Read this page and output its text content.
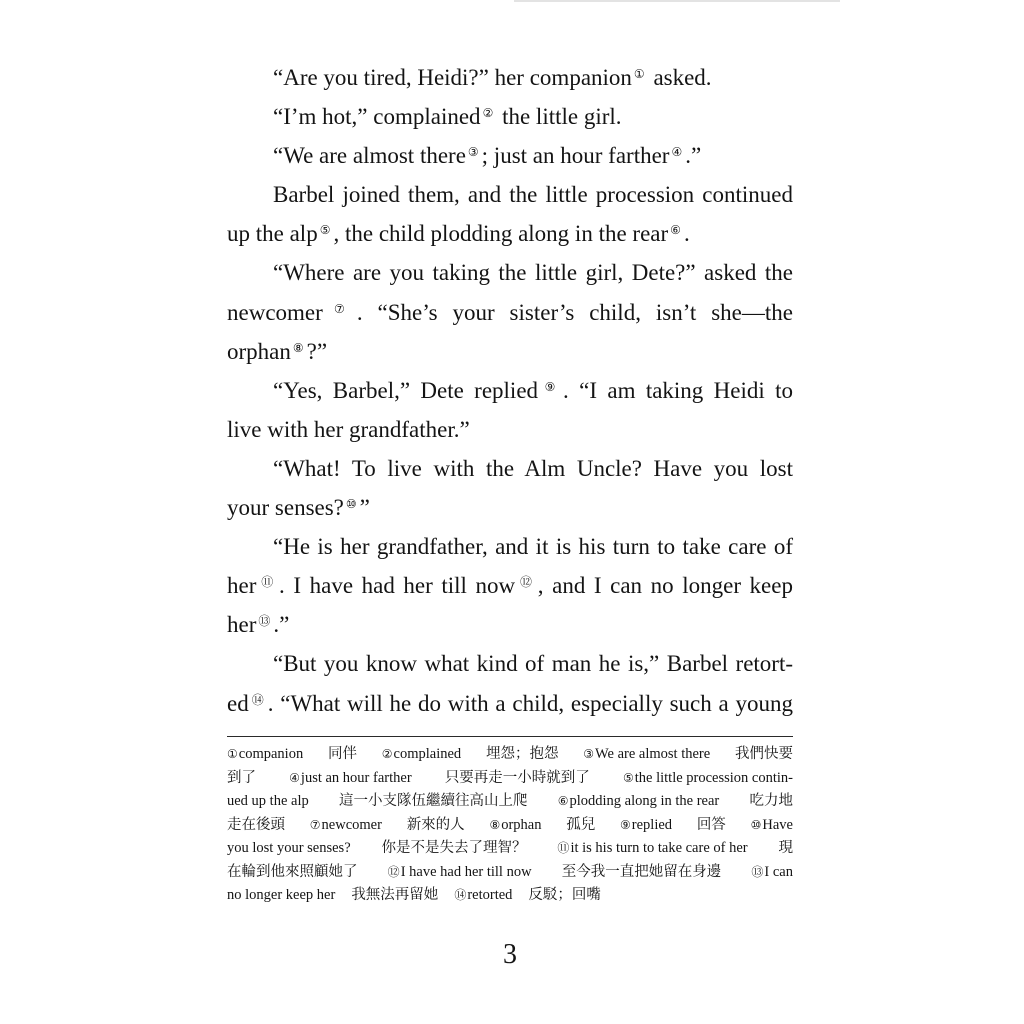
“Are you tired, Heidi?” her companion ① asked.
“I’m hot,” complained ② the little girl.
“We are almost there ③ ; just an hour farther ④ .”
Barbel joined them, and the little procession continued
up the alp ⑤ , the child plodding along in the rear ⑥ .
“Where are you taking the little girl, Dete?” asked the
newcomer ⑦ . “She’s your sister’s child, isn’t she—the
orphan ⑧ ?”
“Yes, Barbel,” Dete replied ⑨ . “I am taking Heidi to
live with her grandfather.”
“What! To live with the Alm Uncle? Have you lost
your senses? ⑩ ”
“He is her grandfather, and it is his turn to take care of
her ⑪ . I have had her till now ⑫ , and I can no longer keep
her ⑬ .”
“But you know what kind of man he is,” Barbel retort-
ed ⑭ . “What will he do with a child, especially such a young
①companion 同伴 ②complained 埋怨；抱怨 ③We are almost there 我們快要
到了	④just an hour farther 只要再走一小時就到了	⑤the little procession contin-
ued up the alp 這一小支隊伍繼續往高山上爬	⑥plodding along in the rear 吃力地
走在後頭 ⑦newcomer 新來的人 ⑧orphan 孤兒 ⑨replied 回答 ⑩Have
you lost your senses? 你是不是失去了理智？	⑪it is his turn to take care of her 現
在輪到他來照顧她了	⑫I have had her till now 至今我一直把她留在身邊	⑬I can
no longer keep her 我無法再留她 ⑭retorted 反駁；回嘴
3
